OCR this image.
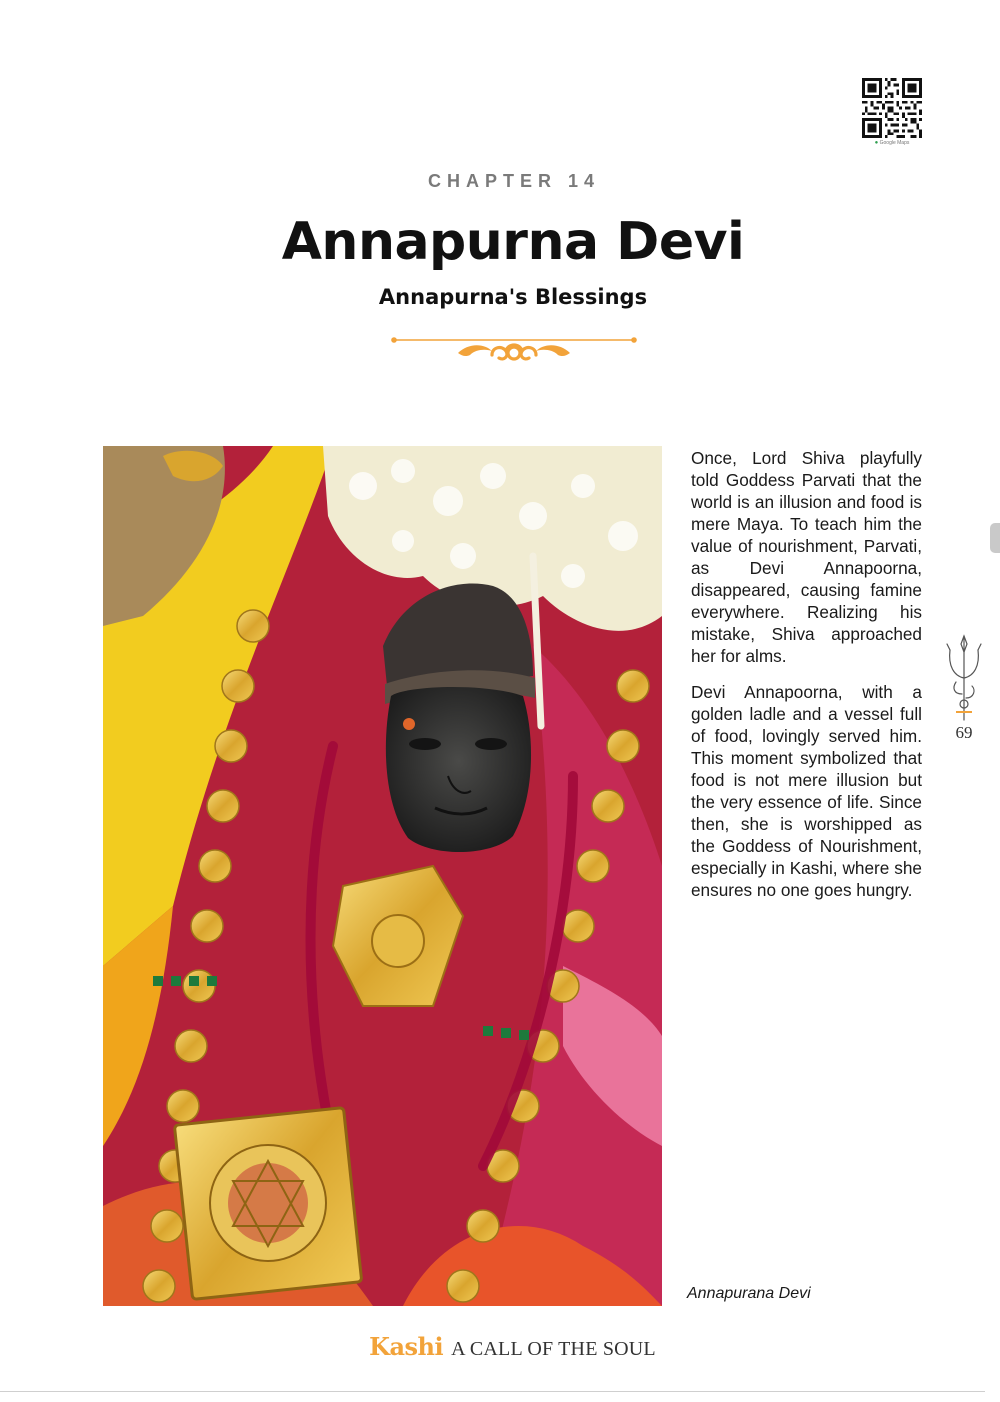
● Google Maps
CHAPTER 14
Annapurna Devi
Annapurna's Blessings

Once, Lord Shiva playfully told Goddess Parvati that the world is an illusion and food is mere Maya. To teach him the value of nourishment, Parvati, as Devi Annapoorna, disappeared, causing famine everywhere. Realizing his mistake, Shiva approached her for alms.

Devi Annapoorna, with a golden ladle and a vessel full of food, lovingly served him. This moment symbolized that food is not mere illusion but the very essence of life. Since then, she is worshipped as the Goddess of Nourishment, especially in Kashi, where she ensures no one goes hungry.

Annapurana Devi
69
Kashi A CALL OF THE SOUL
